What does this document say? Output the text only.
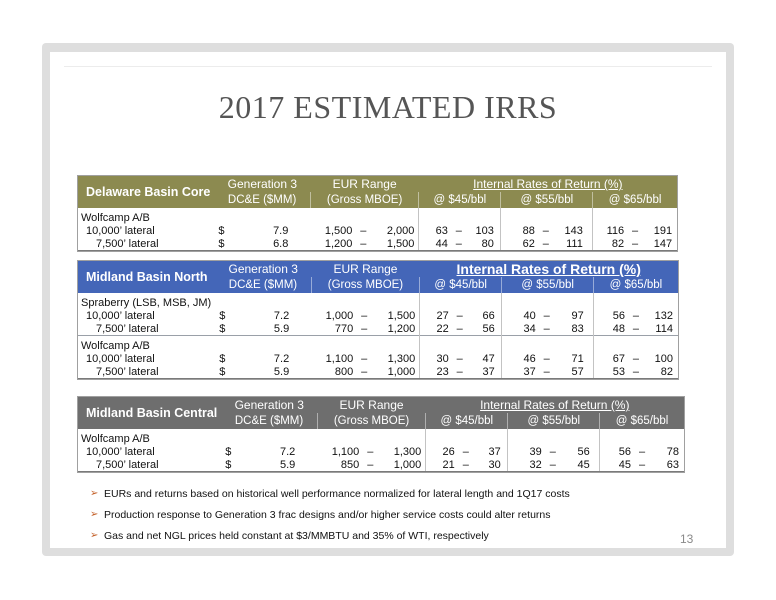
2017 ESTIMATED IRRS
Delaware Basin Core	Generation 3	EUR Range	Internal Rates of Return (%)		
	DC&E ($MM)	(Gross MBOE)	@ $45/bbl	@ $55/bbl	@ $65/bbl
Wolfcamp A/B					
10,000’ lateral	$ 7.9	1,500 – 2,000	63 – 103	88 – 143	116 – 191
7,500’ lateral	$ 6.8	1,200 – 1,500	44 – 80	62 – 111	82 – 147
Midland Basin North	Generation 3	EUR Range	Internal Rates of Return (%)		
	DC&E ($MM)	(Gross MBOE)	@ $45/bbl	@ $55/bbl	@ $65/bbl
Spraberry (LSB, MSB, JM)					
10,000’ lateral	$ 7.2	1,000 – 1,500	27 – 66	40 – 97	56 – 132
7,500’ lateral	$ 5.9	770 – 1,200	22 – 56	34 – 83	48 – 114
Wolfcamp A/B					
10,000’ lateral	$ 7.2	1,100 – 1,300	30 – 47	46 – 71	67 – 100
7,500’ lateral	$ 5.9	800 – 1,000	23 – 37	37 – 57	53 – 82
Midland Basin Central	Generation 3	EUR Range	Internal Rates of Return (%)		
	DC&E ($MM)	(Gross MBOE)	@ $45/bbl	@ $55/bbl	@ $65/bbl
Wolfcamp A/B					
10,000’ lateral	$ 7.2	1,100 – 1,300	26 – 37	39 – 56	56 – 78
7,500’ lateral	$ 5.9	850 – 1,000	21 – 30	32 – 45	45 – 63
➢ EURs and returns based on historical well performance normalized for lateral length and 1Q17 costs
➢ Production response to Generation 3 frac designs and/or higher service costs could alter returns
➢ Gas and net NGL prices held constant at $3/MMBTU and 35% of WTI, respectively	13
